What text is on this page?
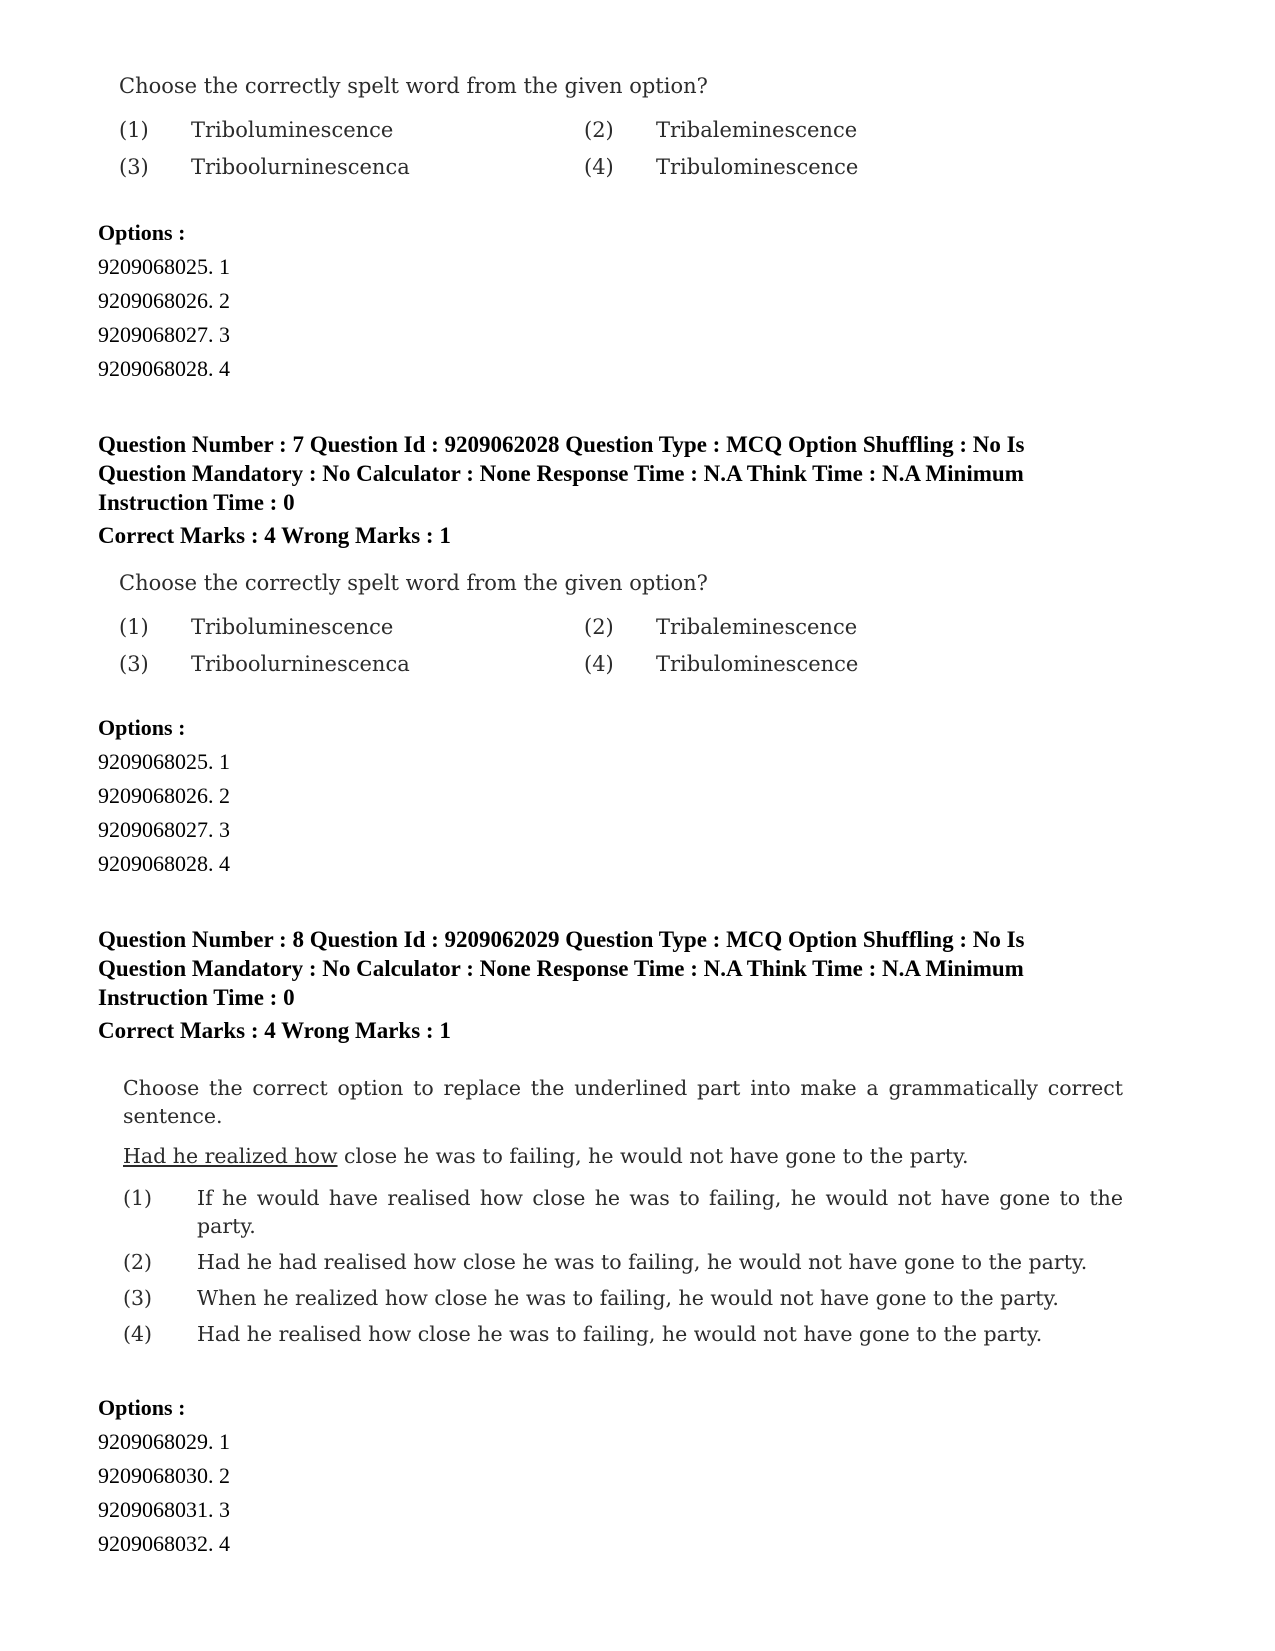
Choose the correctly spelt word from the given option?

(1) Triboluminescence	(2) Tribaleminescence
(3) Triboolurninescenca	(4) Tribulominescence
Options :
9209068025. 1
9209068026. 2
9209068027. 3
9209068028. 4
Question Number : 7 Question Id : 9209062028 Question Type : MCQ Option Shuffling : No Is
Question Mandatory : No Calculator : None Response Time : N.A Think Time : N.A Minimum
Instruction Time : 0
Correct Marks : 4 Wrong Marks : 1

Choose the correctly spelt word from the given option?

(1) Triboluminescence	(2) Tribaleminescence
(3) Triboolurninescenca	(4) Tribulominescence
Options :
9209068025. 1
9209068026. 2
9209068027. 3
9209068028. 4
Question Number : 8 Question Id : 9209062029 Question Type : MCQ Option Shuffling : No Is
Question Mandatory : No Calculator : None Response Time : N.A Think Time : N.A Minimum
Instruction Time : 0
Correct Marks : 4 Wrong Marks : 1
Choose the correct option to replace the underlined part into make a grammatically correct sentence.
Had he realized how close he was to failing, he would not have gone to the party.
(1) If he would have realised how close he was to failing, he would not have gone to the party.
(2) Had he had realised how close he was to failing, he would not have gone to the party.
(3) When he realized how close he was to failing, he would not have gone to the party.
(4) Had he realised how close he was to failing, he would not have gone to the party.
Options :
9209068029. 1
9209068030. 2
9209068031. 3
9209068032. 4
